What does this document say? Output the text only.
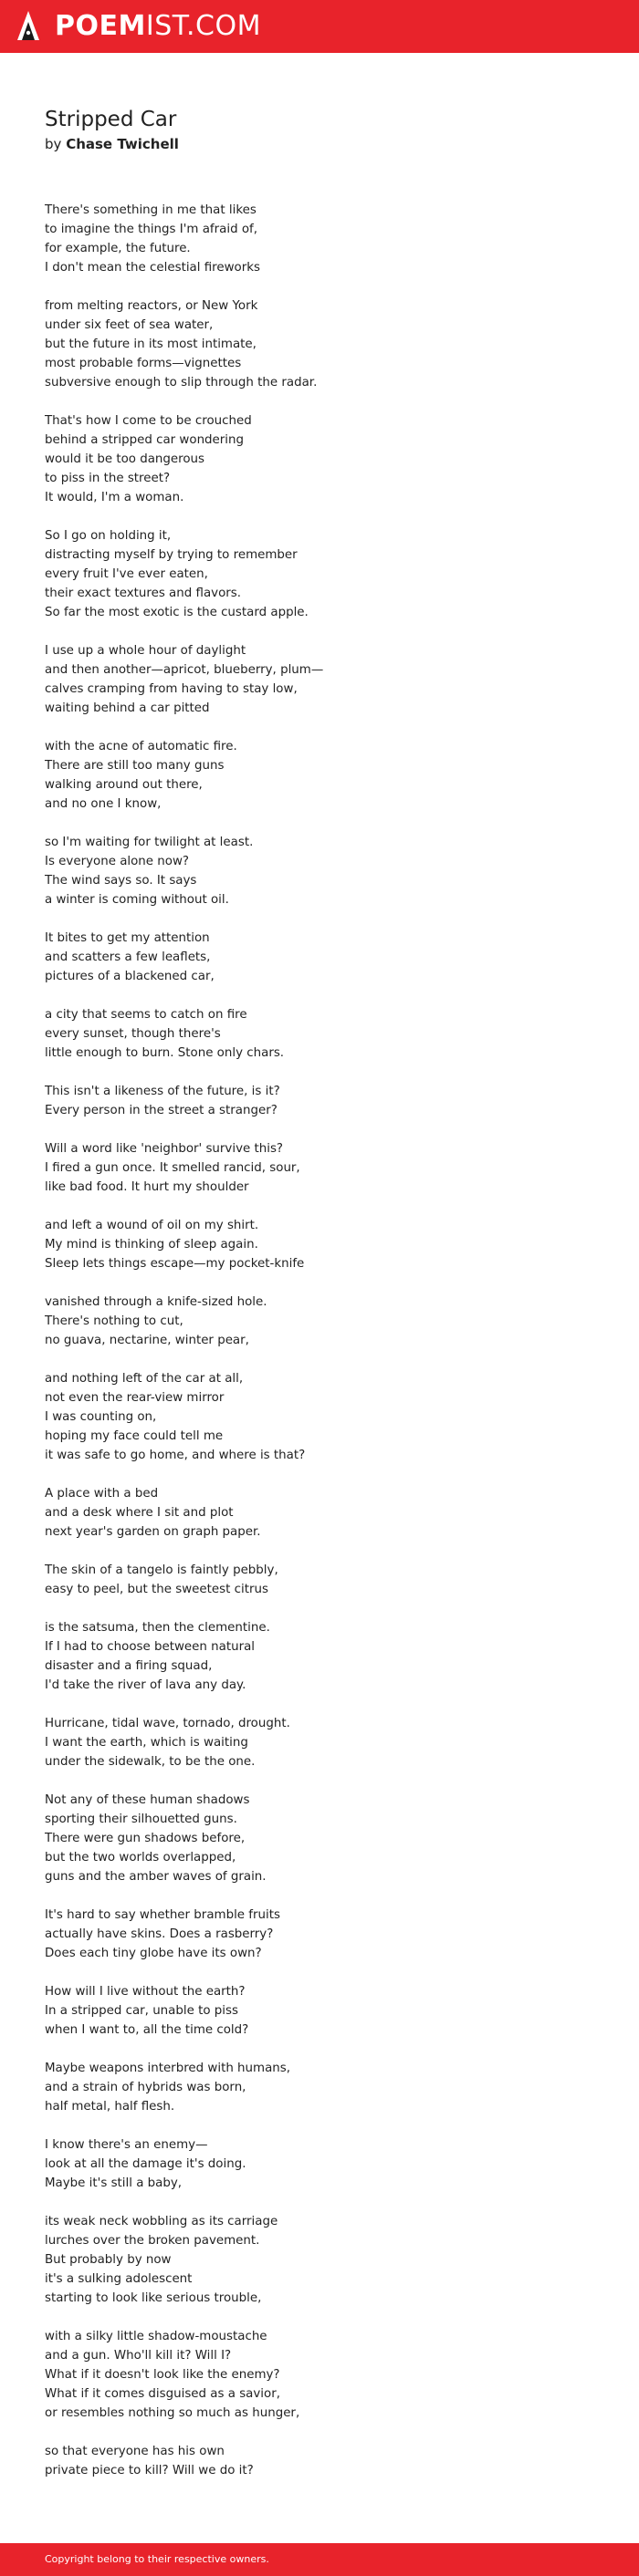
POEMIST.COM
Stripped Car
by Chase Twichell
There's something in me that likes
to imagine the things I'm afraid of,
for example, the future.
I don't mean the celestial fireworks
from melting reactors, or New York
under six feet of sea water,
but the future in its most intimate,
most probable forms—vignettes
subversive enough to slip through the radar.
That's how I come to be crouched
behind a stripped car wondering
would it be too dangerous
to piss in the street?
It would, I'm a woman.
So I go on holding it,
distracting myself by trying to remember
every fruit I've ever eaten,
their exact textures and flavors.
So far the most exotic is the custard apple.
I use up a whole hour of daylight
and then another—apricot, blueberry, plum—
calves cramping from having to stay low,
waiting behind a car pitted
with the acne of automatic fire.
There are still too many guns
walking around out there,
and no one I know,
so I'm waiting for twilight at least.
Is everyone alone now?
The wind says so. It says
a winter is coming without oil.
It bites to get my attention
and scatters a few leaflets,
pictures of a blackened car,
a city that seems to catch on fire
every sunset, though there's
little enough to burn. Stone only chars.
This isn't a likeness of the future, is it?
Every person in the street a stranger?
Will a word like 'neighbor' survive this?
I fired a gun once. It smelled rancid, sour,
like bad food. It hurt my shoulder
and left a wound of oil on my shirt.
My mind is thinking of sleep again.
Sleep lets things escape—my pocket-knife
vanished through a knife-sized hole.
There's nothing to cut,
no guava, nectarine, winter pear,
and nothing left of the car at all,
not even the rear-view mirror
I was counting on,
hoping my face could tell me
it was safe to go home, and where is that?
A place with a bed
and a desk where I sit and plot
next year's garden on graph paper.
The skin of a tangelo is faintly pebbly,
easy to peel, but the sweetest citrus
is the satsuma, then the clementine.
If I had to choose between natural
disaster and a firing squad,
I'd take the river of lava any day.
Hurricane, tidal wave, tornado, drought.
I want the earth, which is waiting
under the sidewalk, to be the one.
Not any of these human shadows
sporting their silhouetted guns.
There were gun shadows before,
but the two worlds overlapped,
guns and the amber waves of grain.
It's hard to say whether bramble fruits
actually have skins. Does a rasberry?
Does each tiny globe have its own?
How will I live without the earth?
In a stripped car, unable to piss
when I want to, all the time cold?
Maybe weapons interbred with humans,
and a strain of hybrids was born,
half metal, half flesh.
I know there's an enemy—
look at all the damage it's doing.
Maybe it's still a baby,
its weak neck wobbling as its carriage
lurches over the broken pavement.
But probably by now
it's a sulking adolescent
starting to look like serious trouble,
with a silky little shadow-moustache
and a gun. Who'll kill it? Will I?
What if it doesn't look like the enemy?
What if it comes disguised as a savior,
or resembles nothing so much as hunger,
so that everyone has his own
private piece to kill? Will we do it?
Copyright belong to their respective owners.
